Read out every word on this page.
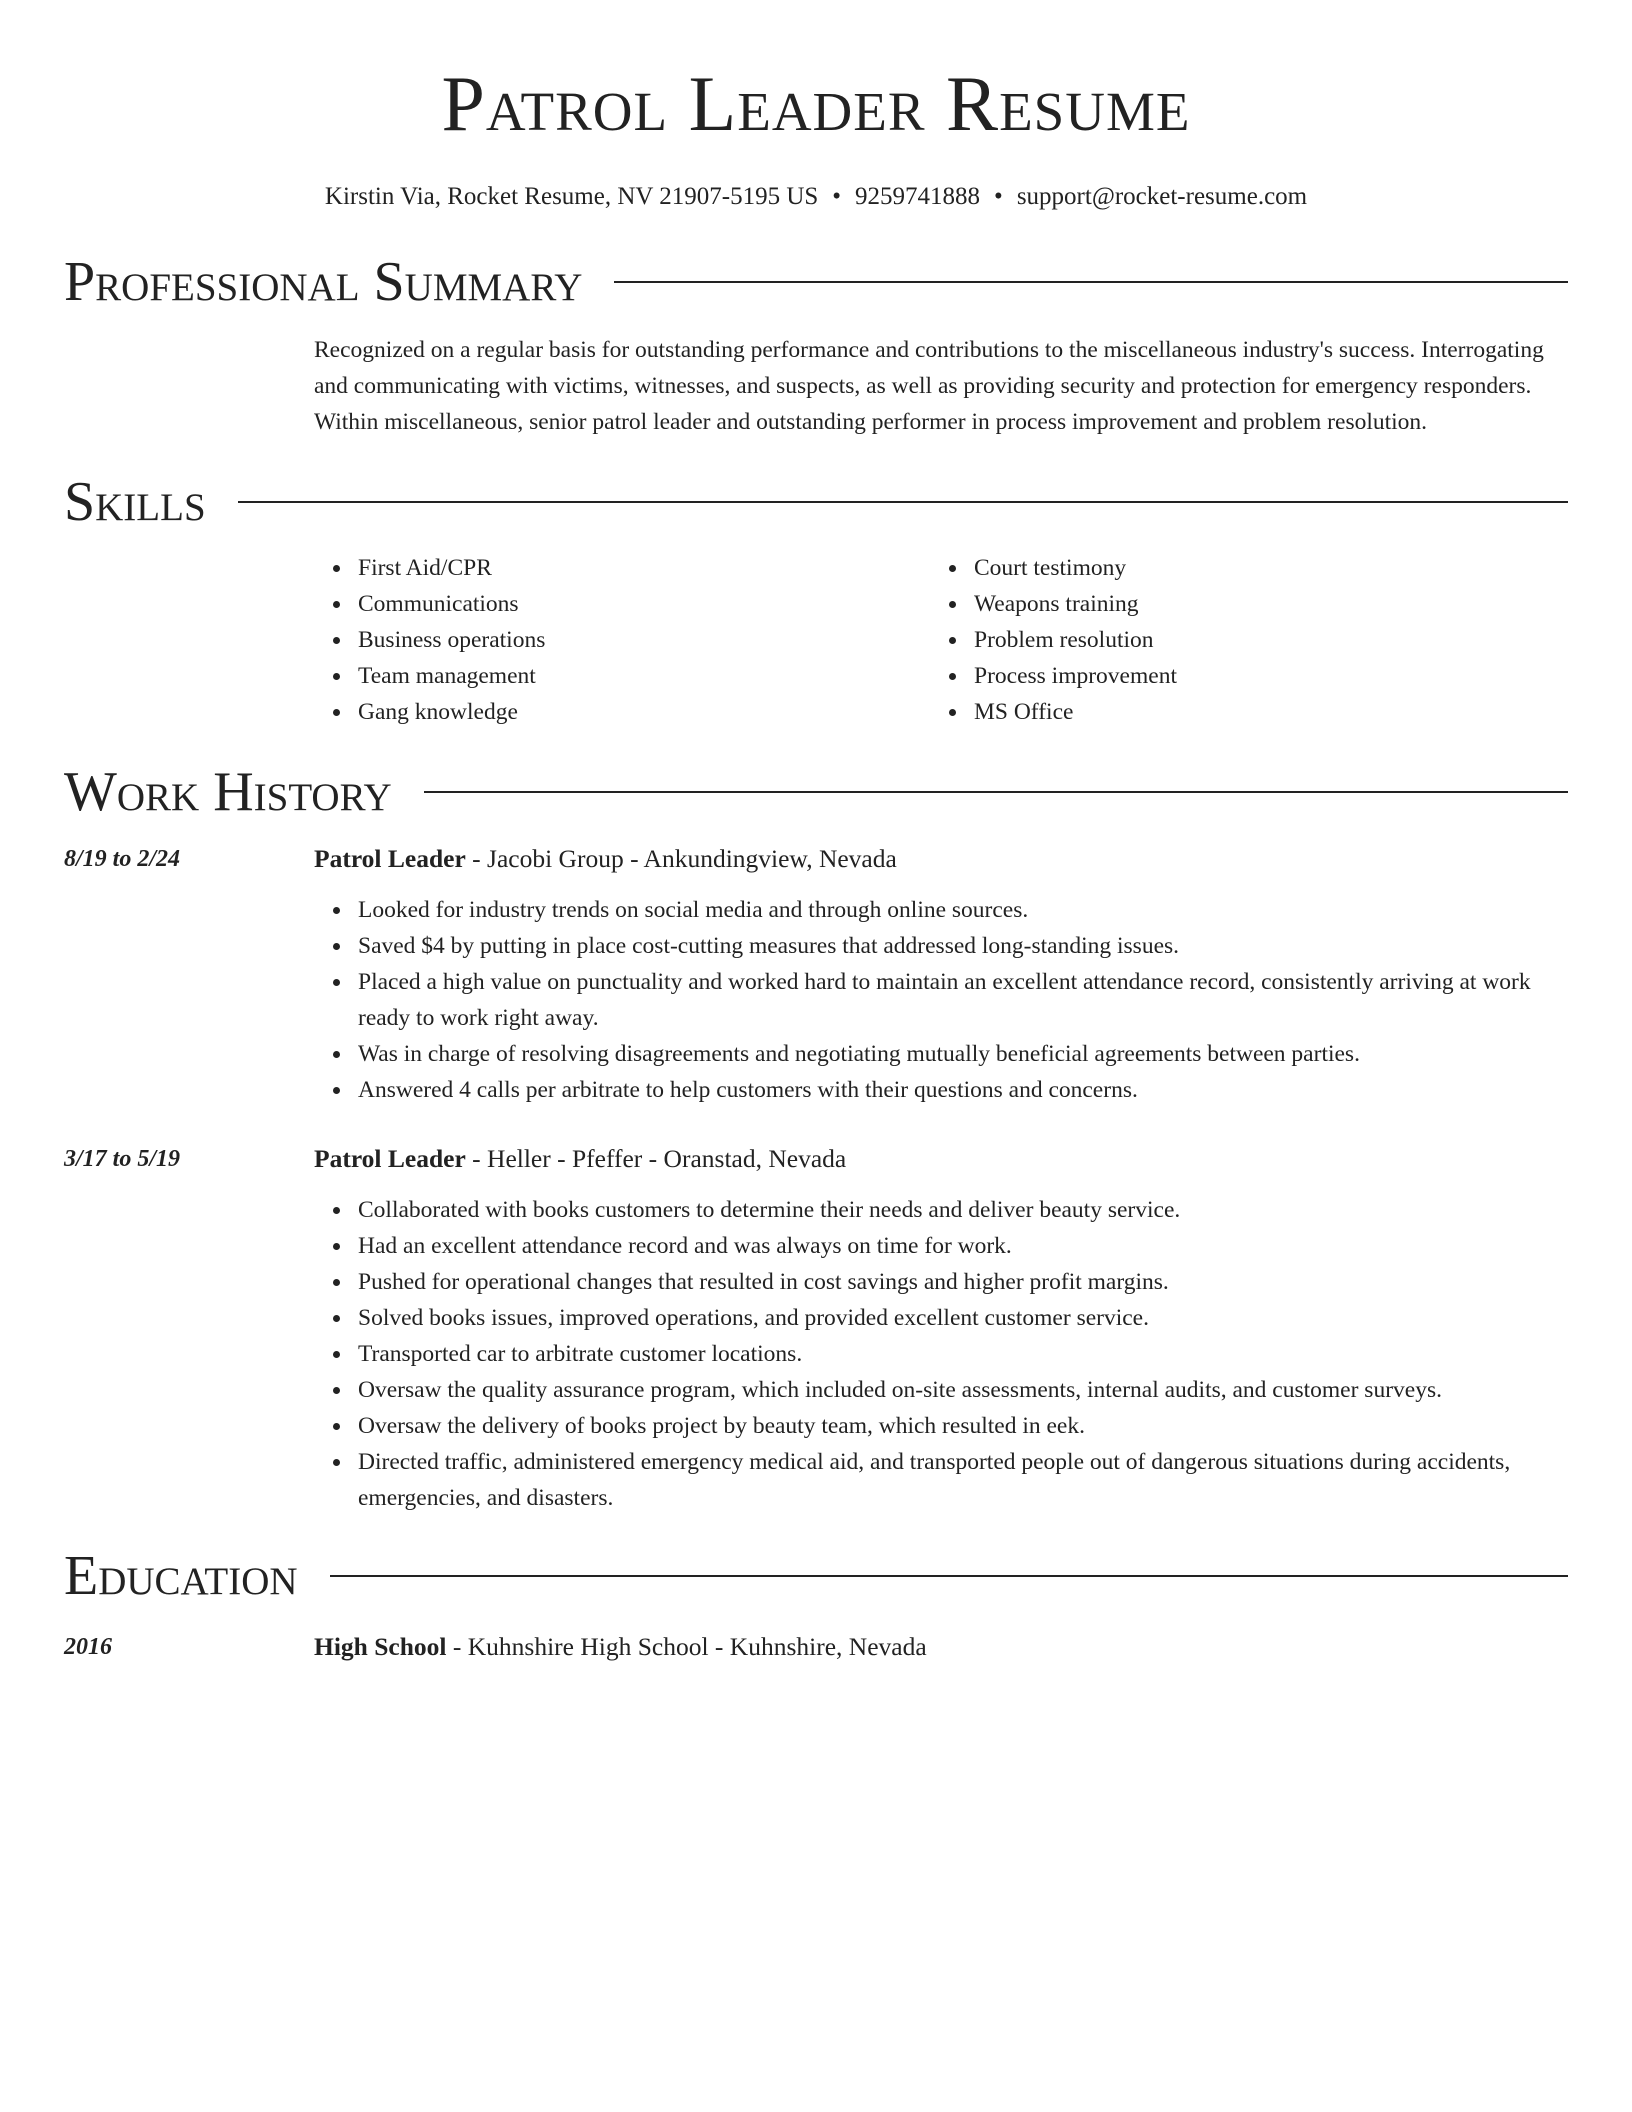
Patrol Leader Resume
Kirstin Via, Rocket Resume, NV 21907-5195 US • 9259741888 • support@rocket-resume.com
Professional Summary
Recognized on a regular basis for outstanding performance and contributions to the miscellaneous industry's success. Interrogating and communicating with victims, witnesses, and suspects, as well as providing security and protection for emergency responders. Within miscellaneous, senior patrol leader and outstanding performer in process improvement and problem resolution.
Skills
First Aid/CPR
Communications
Business operations
Team management
Gang knowledge
Court testimony
Weapons training
Problem resolution
Process improvement
MS Office
Work History
8/19 to 2/24	Patrol Leader - Jacobi Group - Ankundingview, Nevada
Looked for industry trends on social media and through online sources.
Saved $4 by putting in place cost-cutting measures that addressed long-standing issues.
Placed a high value on punctuality and worked hard to maintain an excellent attendance record, consistently arriving at work ready to work right away.
Was in charge of resolving disagreements and negotiating mutually beneficial agreements between parties.
Answered 4 calls per arbitrate to help customers with their questions and concerns.
3/17 to 5/19	Patrol Leader - Heller - Pfeffer - Oranstad, Nevada
Collaborated with books customers to determine their needs and deliver beauty service.
Had an excellent attendance record and was always on time for work.
Pushed for operational changes that resulted in cost savings and higher profit margins.
Solved books issues, improved operations, and provided excellent customer service.
Transported car to arbitrate customer locations.
Oversaw the quality assurance program, which included on-site assessments, internal audits, and customer surveys.
Oversaw the delivery of books project by beauty team, which resulted in eek.
Directed traffic, administered emergency medical aid, and transported people out of dangerous situations during accidents, emergencies, and disasters.
Education
2016	High School - Kuhnshire High School - Kuhnshire, Nevada
